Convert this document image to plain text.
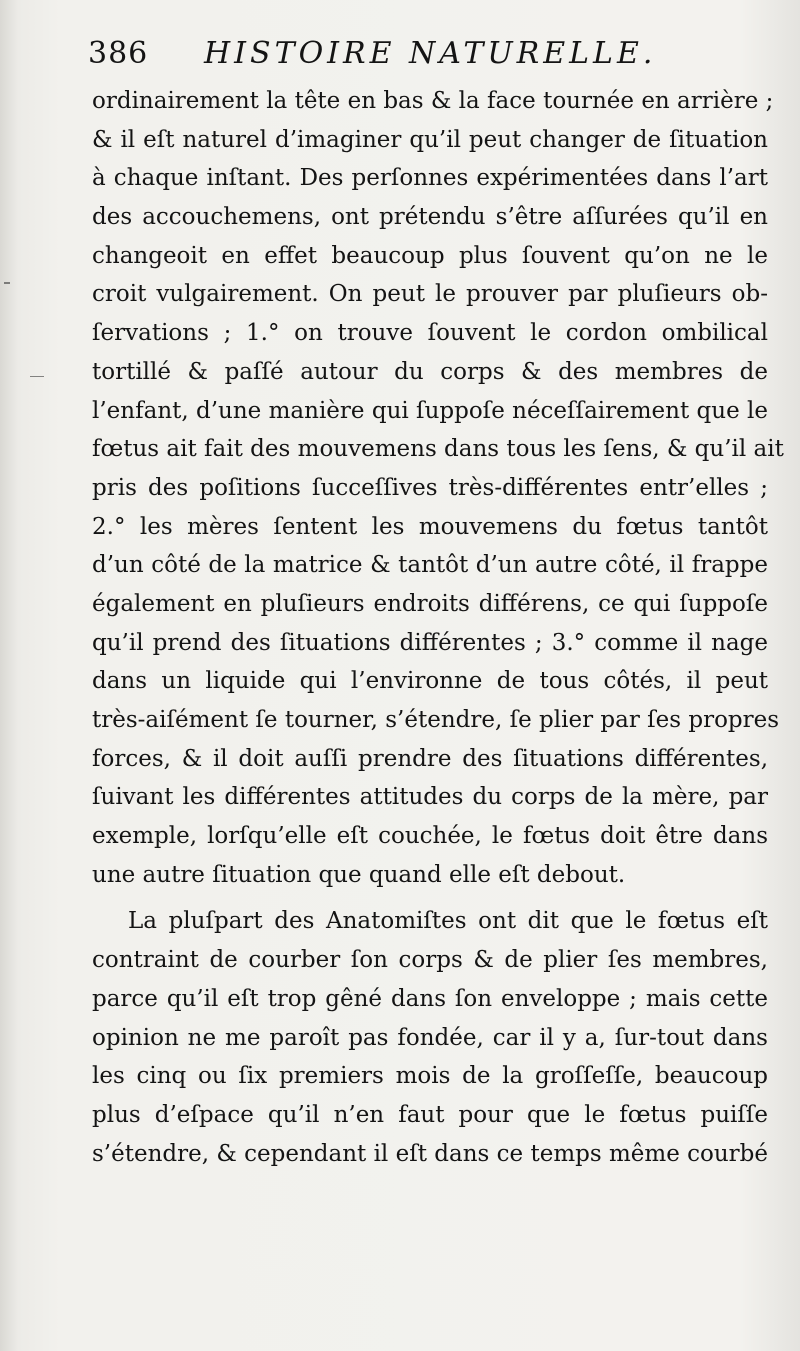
386 HISTOIRE NATURELLE.
ordinairement la tête en bas & la face tournée en arrière ;
& il eſt naturel d’imaginer qu’il peut changer de ſituation
à chaque inſtant. Des perſonnes expérimentées dans l’art
des accouchemens, ont prétendu s’être aſſurées qu’il en
changeoit en effet beaucoup plus ſouvent qu’on ne le
croit vulgairement. On peut le prouver par pluſieurs ob-
ſervations ; 1.° on trouve ſouvent le cordon ombilical
tortillé & paſſé autour du corps & des membres de
l’enfant, d’une manière qui ſuppoſe néceſſairement que le
fœtus ait fait des mouvemens dans tous les ſens, & qu’il ait
pris des poſitions ſucceſſives très-différentes entr’elles ;
2.° les mères ſentent les mouvemens du fœtus tantôt
d’un côté de la matrice & tantôt d’un autre côté, il frappe
également en pluſieurs endroits différens, ce qui ſuppoſe
qu’il prend des ſituations différentes ; 3.° comme il nage
dans un liquide qui l’environne de tous côtés, il peut
très-aiſément ſe tourner, s’étendre, ſe plier par ſes propres
forces, & il doit auſſi prendre des ſituations différentes,
ſuivant les différentes attitudes du corps de la mère, par
exemple, lorſqu’elle eſt couchée, le fœtus doit être dans
une autre ſituation que quand elle eſt debout.
La pluſpart des Anatomiſtes ont dit que le fœtus eſt
contraint de courber ſon corps & de plier ſes membres,
parce qu’il eſt trop gêné dans ſon enveloppe ; mais cette
opinion ne me paroît pas fondée, car il y a, ſur-tout dans
les cinq ou ſix premiers mois de la groſſeſſe, beaucoup
plus d’eſpace qu’il n’en faut pour que le fœtus puiſſe
s’étendre, & cependant il eſt dans ce temps même courbé
